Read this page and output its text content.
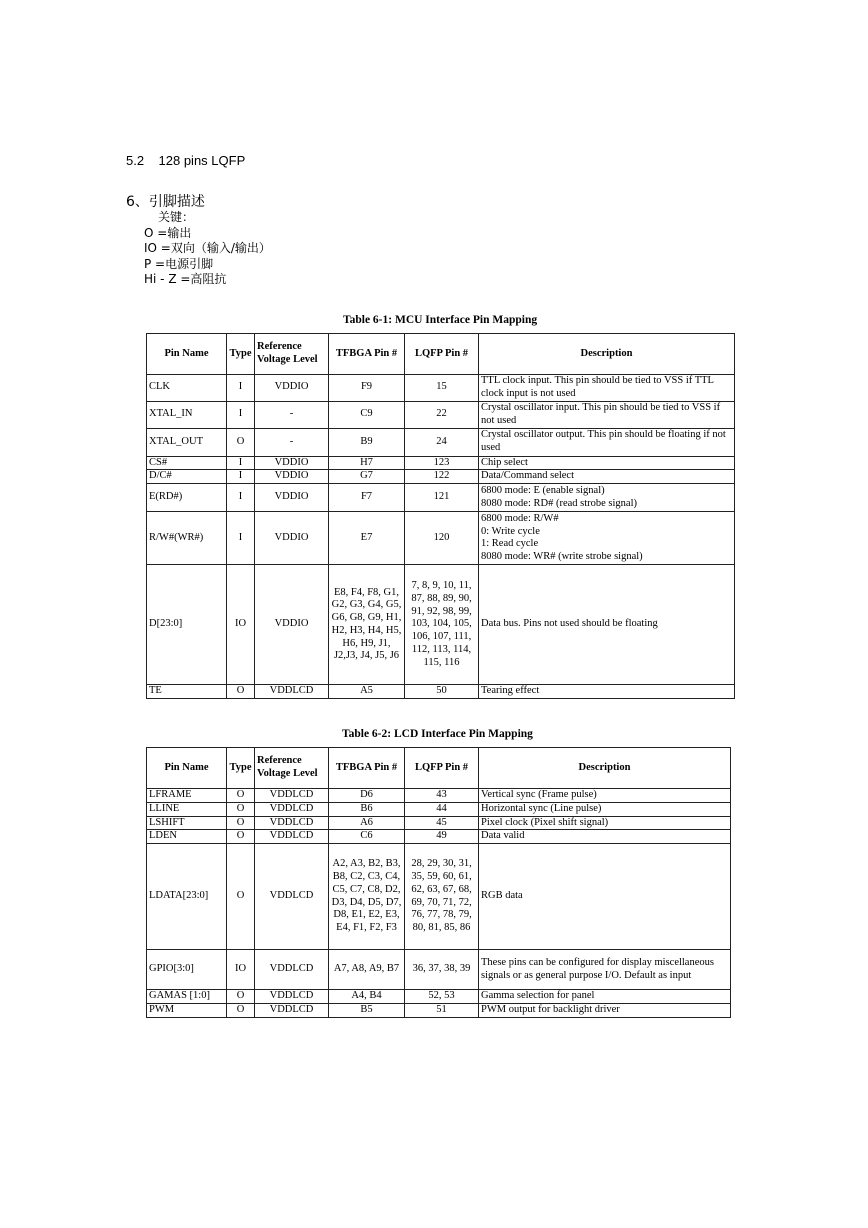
5.2    128 pins LQFP
6、引脚描述
关键：
O =输出
IO =双向（输入/输出）
P =电源引脚
Hi - Z =高阻抗
Table 6-1: MCU Interface Pin Mapping
Pin Name	Type	Reference Voltage Level	TFBGA Pin #	LQFP Pin #	Description
CLK	I	VDDIO	F9	15	TTL clock input. This pin should be tied to VSS if TTL clock input is not used
XTAL_IN	I	-	C9	22	Crystal oscillator input. This pin should be tied to VSS if not used
XTAL_OUT	O	-	B9	24	Crystal oscillator output. This pin should be floating if not used
CS#	I	VDDIO	H7	123	Chip select
D/C#	I	VDDIO	G7	122	Data/Command select
E(RD#)	I	VDDIO	F7	121	6800 mode: E (enable signal)
8080 mode: RD# (read strobe signal)
R/W#(WR#)	I	VDDIO	E7	120	6800 mode: R/W#
0: Write cycle
1: Read cycle
8080 mode: WR# (write strobe signal)
D[23:0]	IO	VDDIO	E8, F4, F8, G1, G2, G3, G4, G5, G6, G8, G9, H1, H2, H3, H4, H5, H6, H9, J1, J2,J3, J4, J5, J6	7, 8, 9, 10, 11, 87, 88, 89, 90, 91, 92, 98, 99, 103, 104, 105, 106, 107, 111, 112, 113, 114, 115, 116	Data bus. Pins not used should be floating
TE	O	VDDLCD	A5	50	Tearing effect
Table 6-2: LCD Interface Pin Mapping
Pin Name	Type	Reference Voltage Level	TFBGA Pin #	LQFP Pin #	Description
LFRAME	O	VDDLCD	D6	43	Vertical sync (Frame pulse)
LLINE	O	VDDLCD	B6	44	Horizontal sync (Line pulse)
LSHIFT	O	VDDLCD	A6	45	Pixel clock (Pixel shift signal)
LDEN	O	VDDLCD	C6	49	Data valid
LDATA[23:0]	O	VDDLCD	A2, A3, B2, B3, B8, C2, C3, C4, C5, C7, C8, D2, D3, D4, D5, D7, D8, E1, E2, E3, E4, F1, F2, F3	28, 29, 30, 31, 35, 59, 60, 61, 62, 63, 67, 68, 69, 70, 71, 72, 76, 77, 78, 79, 80, 81, 85, 86	RGB data
GPIO[3:0]	IO	VDDLCD	A7, A8, A9, B7	36, 37, 38, 39	These pins can be configured for display miscellaneous signals or as general purpose I/O. Default as input
GAMAS [1:0]	O	VDDLCD	A4, B4	52, 53	Gamma selection for panel
PWM	O	VDDLCD	B5	51	PWM output for backlight driver
